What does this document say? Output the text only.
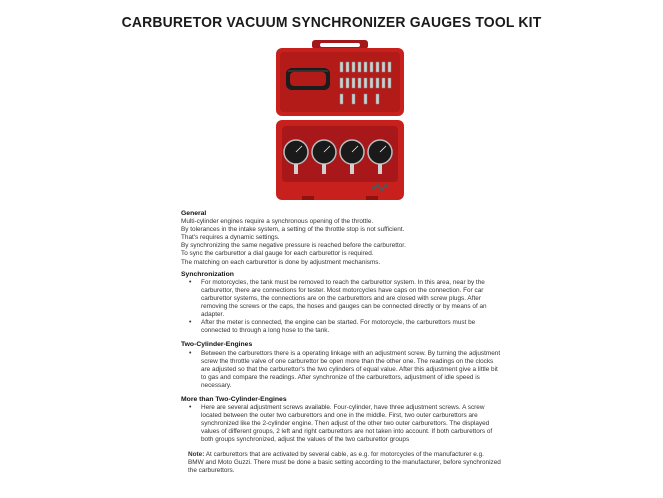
CARBURETOR VACUUM SYNCHRONIZER GAUGES TOOL KIT
General
Multi-cylinder engines require a synchronous opening of the throttle.
By tolerances in the intake system, a setting of the throttle stop is not sufficient.
That's requires a dynamic settings.
By synchronizing the same negative pressure is reached before the carburettor.
To sync the carburettor a dial gauge for each carburettor is required.
The matching on each carburettor is done by adjustment mechanisms.
Synchronization
• For motorcycles, the tank must be removed to reach the carburettor system. In this area, near by the carburettor, there are connections for tester. Most motorcycles have caps on the connection. For car carburettor systems, the connections are on the carburettors and are closed with screw plugs. After removing the screws or the caps, the hoses and gauges can be connected directly or by means of an adapter.
• After the meter is connected, the engine can be started. For motorcycle, the carburettors must be connected to through a long hose to the tank.
Two-Cylinder-Engines
• Between the carburettors there is a operating linkage with an adjustment screw. By turning the adjustment screw the throttle valve of one carburettor be open more than the other one. The readings on the clocks are adjusted so that the carburettor's the two cylinders of equal value. After this adjustment give a little bit to gas and compare the readings. After synchronize of the carburettors, adjustment of idle speed is necessary.
More than Two-Cylinder-Engines
• Here are several adjustment screws available. Four-cylinder, have three adjustment screws. A screw located between the outer two carburettors and one in the middle. First, two outer carburettors are synchronized like the 2-cylinder engine. Then adjust of the other two outer carburettors. The displayed values of different groups, 2 left and right carburettors are not taken into account. If both carburettors of both groups synchronized, adjust the values of the two carburettor groups
Note: At carburettors that are activated by several cable, as e.g. for motorcycles of the manufacturer e.g. BMW and Moto Guzzi. There must be done a basic setting according to the manufacturer, before synchronized the carburettors.
